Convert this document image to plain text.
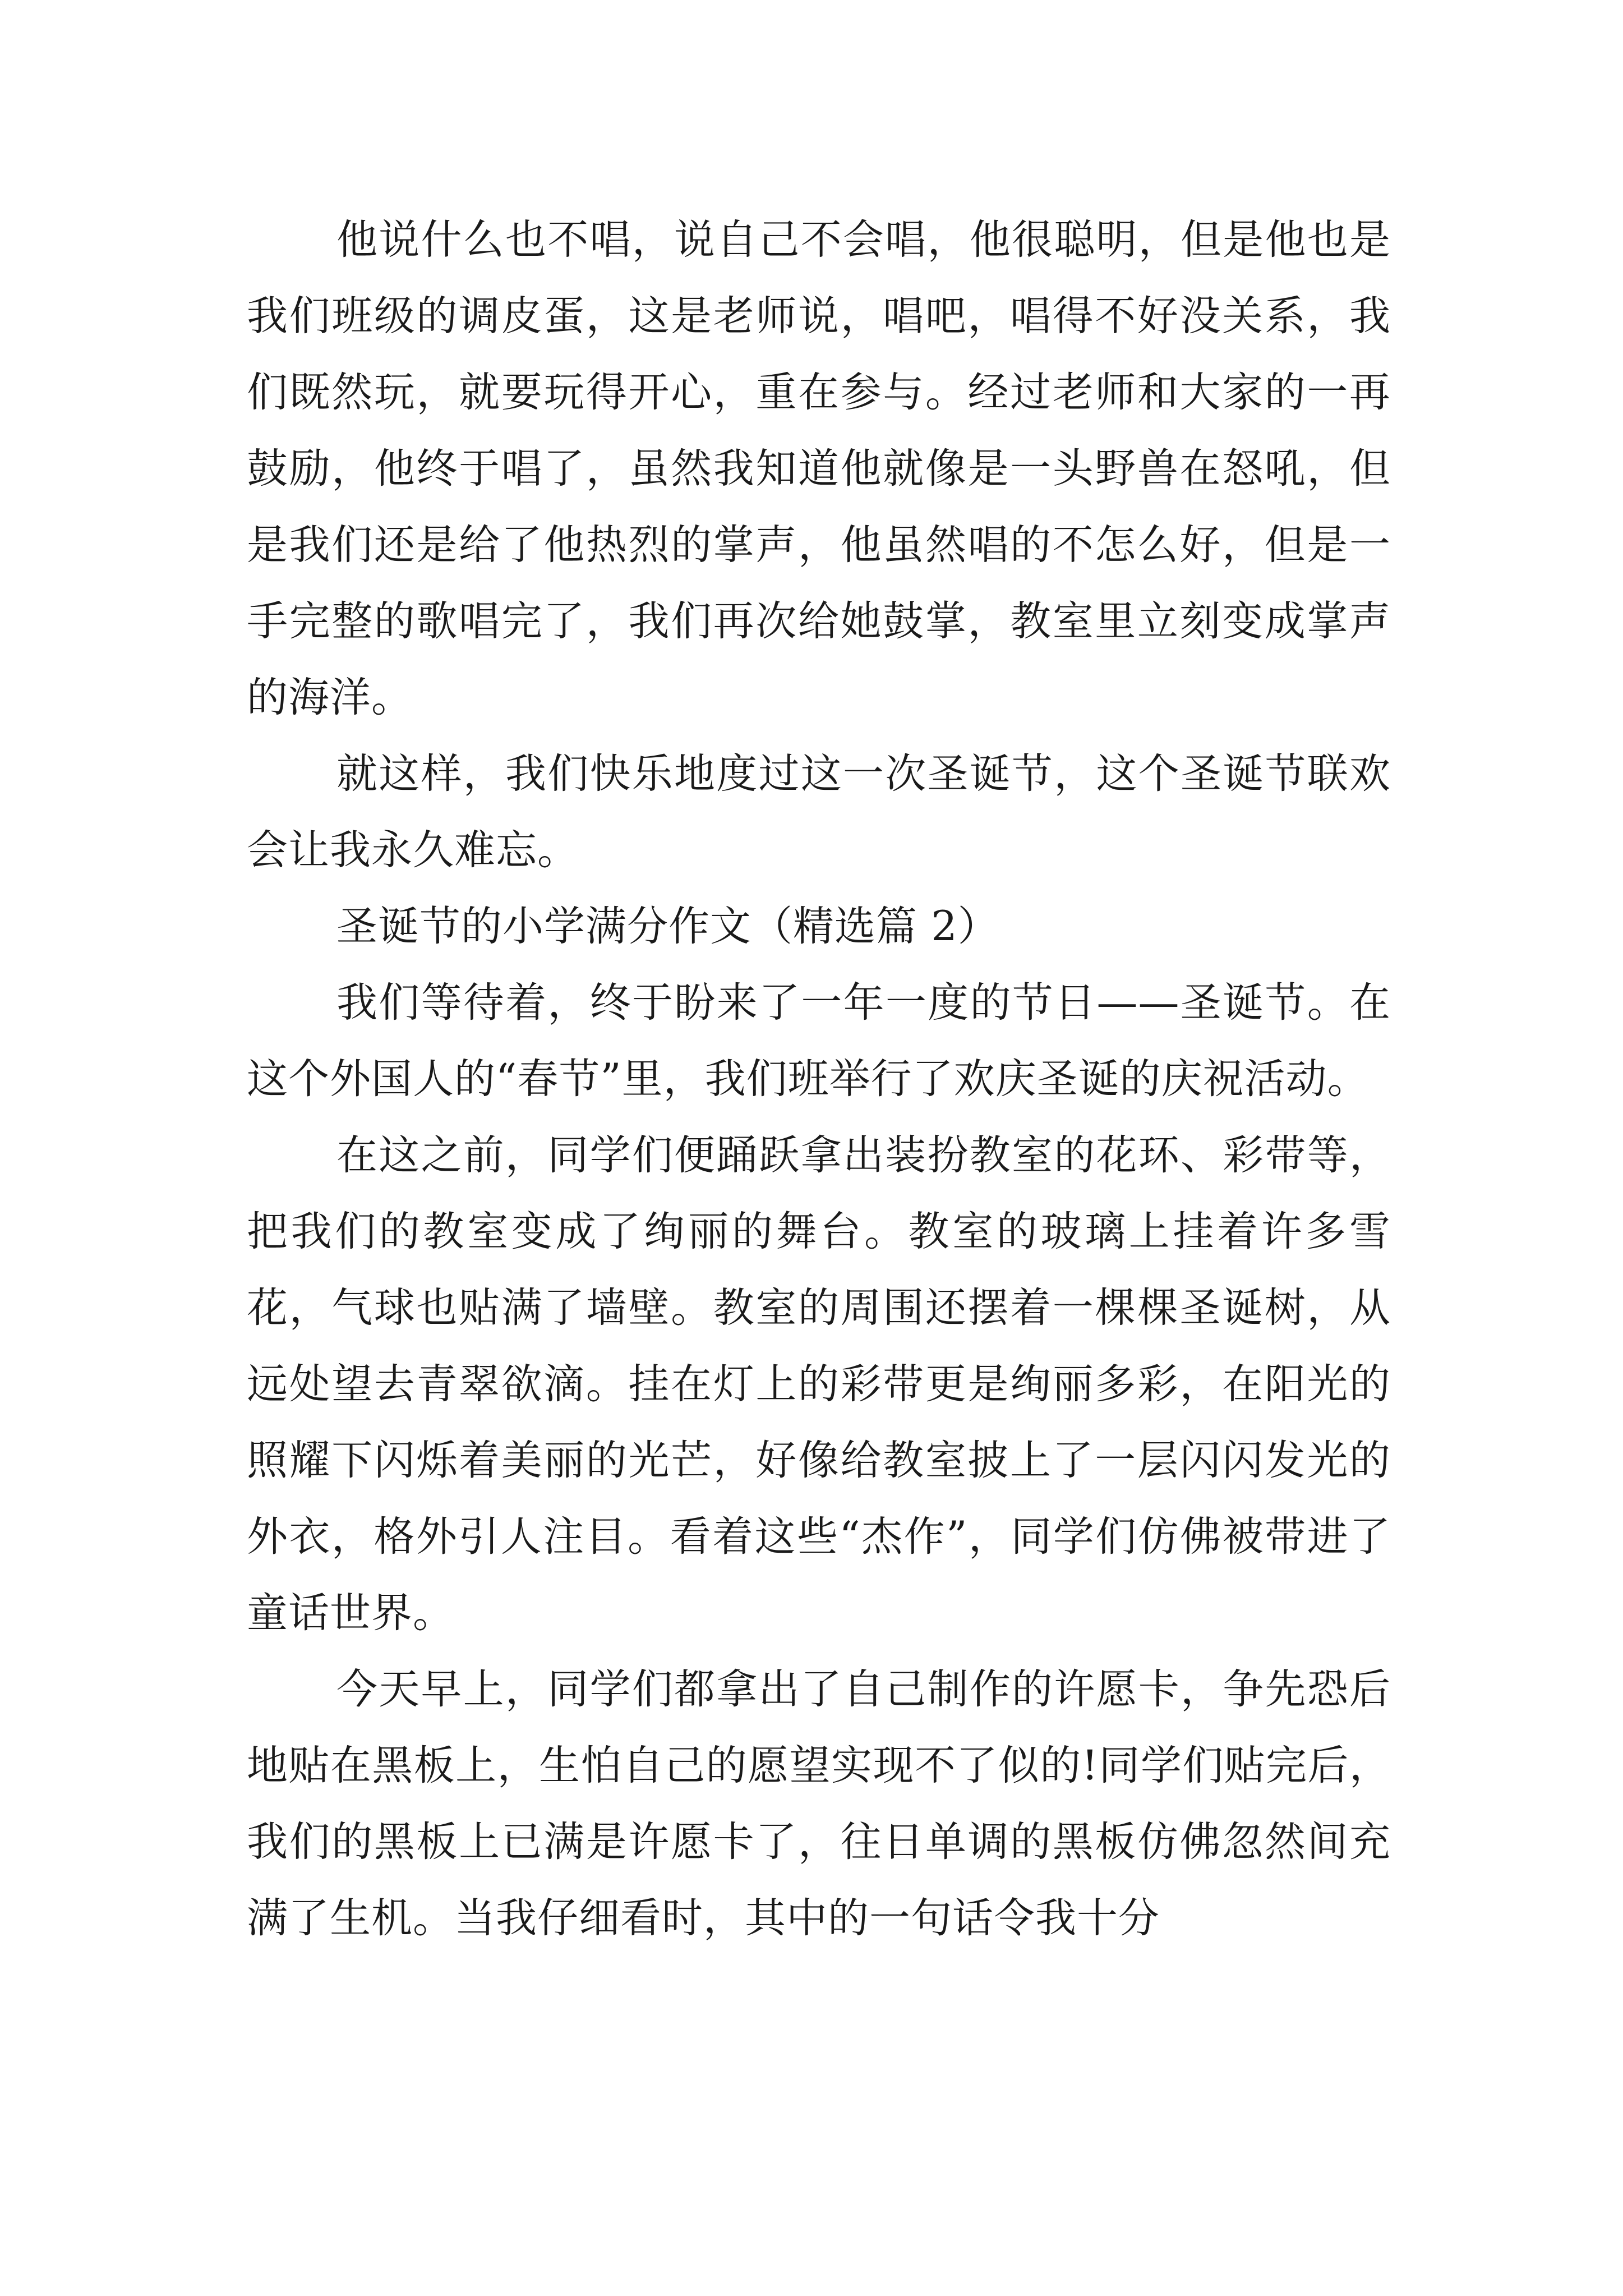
他说什么也不唱，说自己不会唱，他很聪明，但是他也是我们班级的调皮蛋，这是老师说，唱吧，唱得不好没关系，我们既然玩，就要玩得开心，重在参与。经过老师和大家的一再鼓励，他终于唱了，虽然我知道他就像是一头野兽在怒吼，但是我们还是给了他热烈的掌声，他虽然唱的不怎么好，但是一手完整的歌唱完了，我们再次给她鼓掌，教室里立刻变成掌声的海洋。

就这样，我们快乐地度过这一次圣诞节，这个圣诞节联欢会让我永久难忘。

圣诞节的小学满分作文（精选篇 2）

我们等待着，终于盼来了一年一度的节日——圣诞节。在这个外国人的“春节”里，我们班举行了欢庆圣诞的庆祝活动。

在这之前，同学们便踊跃拿出装扮教室的花环、彩带等，把我们的教室变成了绚丽的舞台。教室的玻璃上挂着许多雪花，气球也贴满了墙壁。教室的周围还摆着一棵棵圣诞树，从远处望去青翠欲滴。挂在灯上的彩带更是绚丽多彩，在阳光的照耀下闪烁着美丽的光芒，好像给教室披上了一层闪闪发光的外衣，格外引人注目。看着这些“杰作”，同学们仿佛被带进了童话世界。

今天早上，同学们都拿出了自己制作的许愿卡，争先恐后地贴在黑板上，生怕自己的愿望实现不了似的!同学们贴完后，我们的黑板上已满是许愿卡了，往日单调的黑板仿佛忽然间充满了生机。当我仔细看时，其中的一句话令我十分
